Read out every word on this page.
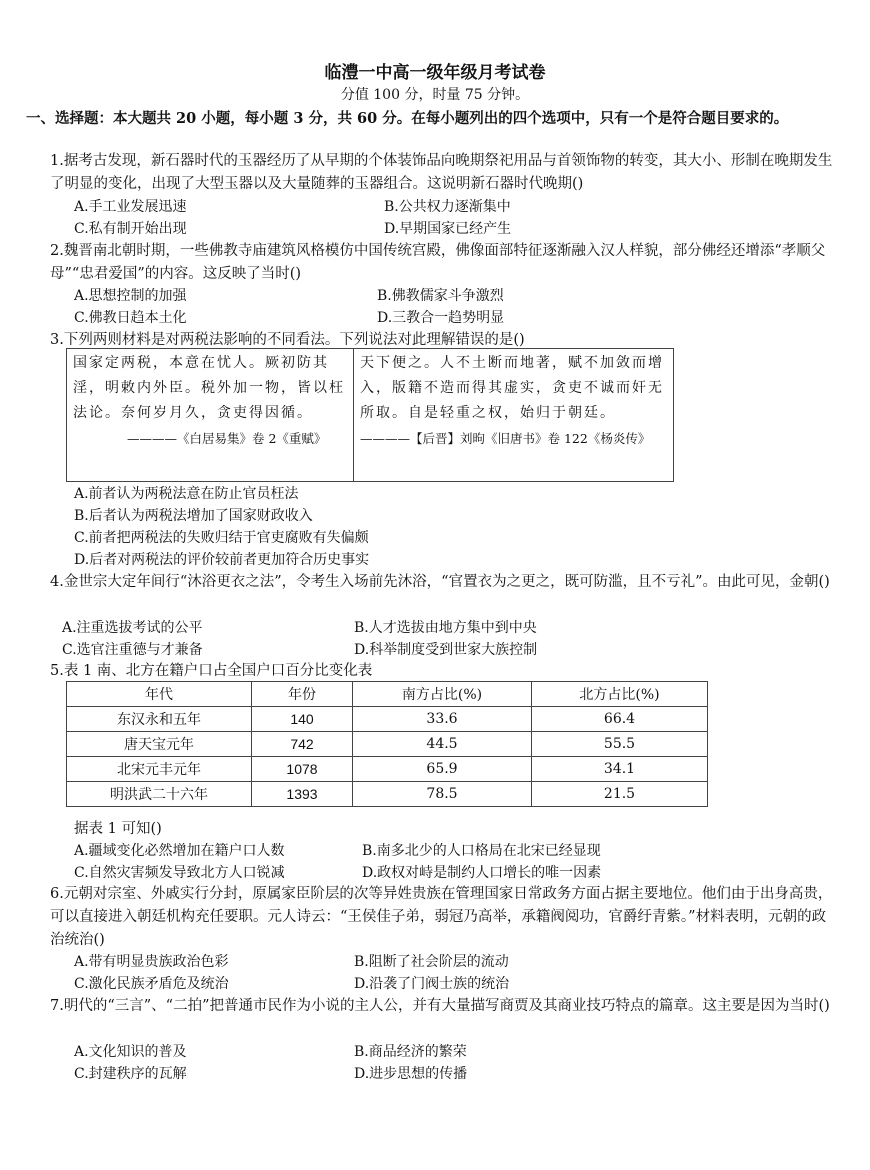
临澧一中高一级年级月考试卷
分值 100 分，时量 75 分钟。
一、选择题：本大题共 20 小题，每小题 3 分，共 60 分。在每小题列出的四个选项中，只有一个是符合题目要求的。
1.据考古发现，新石器时代的玉器经历了从早期的个体装饰品向晚期祭祀用品与首领饰物的转变，其大小、形制在晚期发生了明显的变化，出现了大型玉器以及大量随葬的玉器组合。这说明新石器时代晚期()
A.手工业发展迅速	B.公共权力逐渐集中
C.私有制开始出现	D.早期国家已经产生
2.魏晋南北朝时期，一些佛教寺庙建筑风格模仿中国传统宫殿，佛像面部特征逐渐融入汉人样貌，部分佛经还增添“孝顺父母”“忠君爱国”的内容。这反映了当时()
A.思想控制的加强	B.佛教儒家斗争激烈
C.佛教日趋本土化	D.三教合一趋势明显
3.下列两则材料是对两税法影响的不同看法。下列说法对此理解错误的是()
国家定两税，本意在忧人。厥初防其淫，明敕内外臣。税外加一物，皆以枉法论。奈何岁月久，贪吏得因循。
————《白居易集》卷 2《重赋》
天下便之。人不土断而地著，赋不加敛而增入，版籍不造而得其虚实，贪吏不诚而奸无所取。自是轻重之权，始归于朝廷。
————【后晋】刘昫《旧唐书》卷 122《杨炎传》
A.前者认为两税法意在防止官员枉法
B.后者认为两税法增加了国家财政收入
C.前者把两税法的失败归结于官吏腐败有失偏颇
D.后者对两税法的评价较前者更加符合历史事实
4.金世宗大定年间行“沐浴更衣之法”，令考生入场前先沐浴，“官置衣为之更之，既可防滥，且不亏礼”。由此可见，金朝()
A.注重选拔考试的公平	B.人才选拔由地方集中到中央
C.选官注重德与才兼备	D.科举制度受到世家大族控制
5.表 1 南、北方在籍户口占全国户口百分比变化表
年代	年份	南方占比(%)	北方占比(%)
东汉永和五年	140	33.6	66.4
唐天宝元年	742	44.5	55.5
北宋元丰元年	1078	65.9	34.1
明洪武二十六年	1393	78.5	21.5
据表 1 可知()
A.疆域变化必然增加在籍户口人数	B.南多北少的人口格局在北宋已经显现
C.自然灾害频发导致北方人口锐减	D.政权对峙是制约人口增长的唯一因素
6.元朝对宗室、外戚实行分封，原属家臣阶层的次等异姓贵族在管理国家日常政务方面占据主要地位。他们由于出身高贵，可以直接进入朝廷机构充任要职。元人诗云：“王侯佳子弟，弱冠乃高举，承籍阀阅功，官爵纡青紫。”材料表明，元朝的政治统治()
A.带有明显贵族政治色彩	B.阻断了社会阶层的流动
C.激化民族矛盾危及统治	D.沿袭了门阀士族的统治
7.明代的“三言”、“二拍”把普通市民作为小说的主人公，并有大量描写商贾及其商业技巧特点的篇章。这主要是因为当时()
A.文化知识的普及	B.商品经济的繁荣
C.封建秩序的瓦解	D.进步思想的传播
